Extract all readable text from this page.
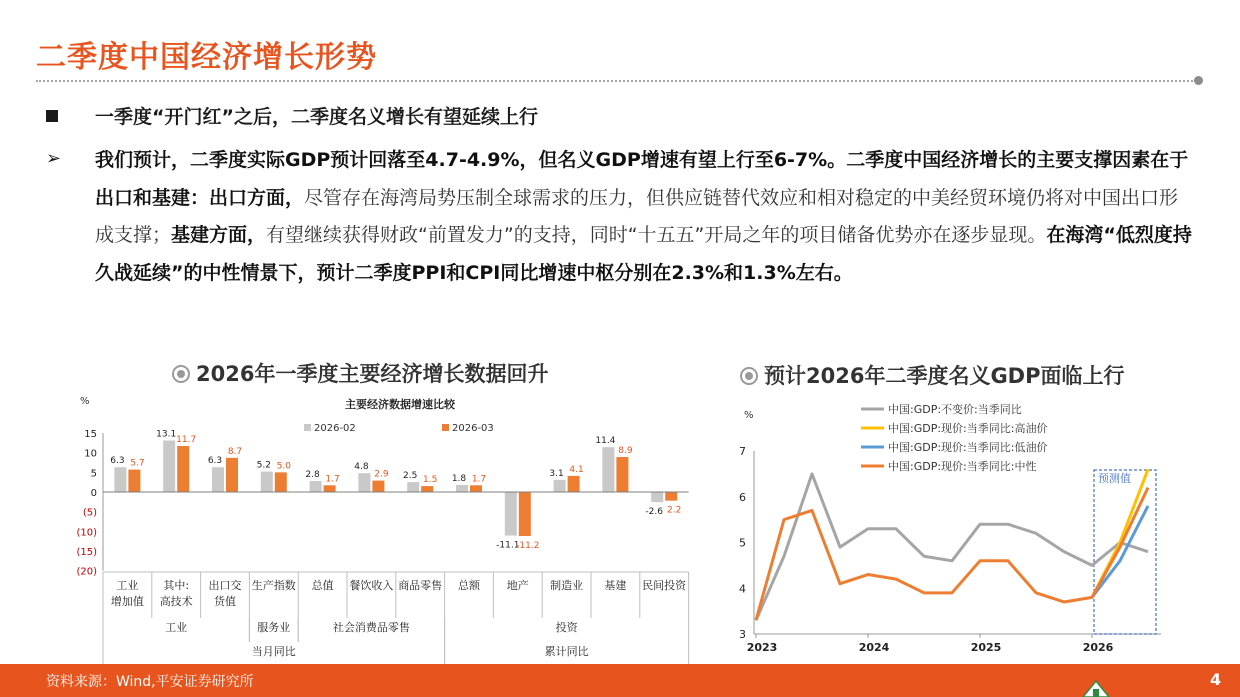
二季度中国经济增长形势
一季度“开门红”之后，二季度名义增长有望延续上行
➢ 我们预计，二季度实际GDP预计回落至4.7-4.9%，但名义GDP增速有望上行至6-7%。二季度中国经济增长的主要支撑因素在于出口和基建：出口方面，尽管存在海湾局势压制全球需求的压力，但供应链替代效应和相对稳定的中美经贸环境仍将对中国出口形成支撑；基建方面，有望继续获得财政“前置发力”的支持，同时“十五五”开局之年的项目储备优势亦在逐步显现。在海湾“低烈度持久战延续”的中性情景下，预计二季度PPI和CPI同比增速中枢分别在2.3%和1.3%左右。
2026年一季度主要经济增长数据回升	预计2026年二季度名义GDP面临上行
%	主要经济数据增速比较
2026-02	2026-03
15
10
5
0
(5)
(10)
(15)
(20)
6.3 5.7
13.1
11.7
6.3
8.7
5.2 5.0
2.8 1.7
4.8
2.9 2.5 1.5 1.8 1.7
-11.1
-11.2
3.1 4.1
11.4
8.9
-2.6 2.2
工业
增加值
其中:
高技术
出口交
货值
生产指数 总值 餐饮收入 商品零售 总额 地产 制造业 基建 民间投资
工业	服务业	社会消费品零售	投资
当月同比	累计同比
%
3
4
5
6
7
2023	2024	2025	2026
预测值
中国:GDP:不变价:当季同比
中国:GDP:现价:当季同比:高油价
中国:GDP:现价:当季同比:低油价
中国:GDP:现价:当季同比:中性
资料来源：Wind,平安证券研究所	4
